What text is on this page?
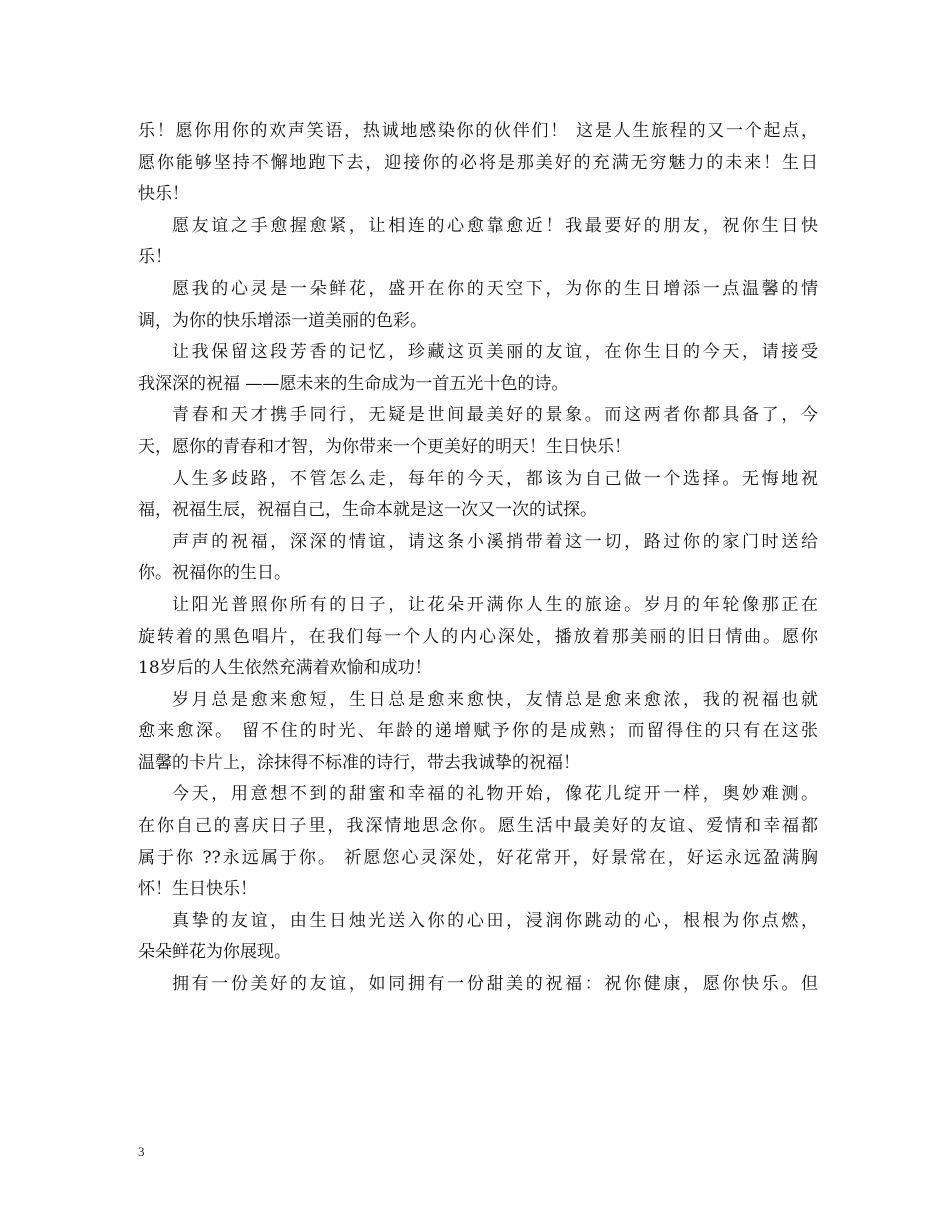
乐！愿你用你的欢声笑语，热诚地感染你的伙伴们！ 这是人生旅程的又一个起点，
愿你能够坚持不懈地跑下去，迎接你的必将是那美好的充满无穷魅力的未来！生日
快乐！
愿友谊之手愈握愈紧，让相连的心愈靠愈近！我最要好的朋友，祝你生日快
乐！
愿我的心灵是一朵鲜花，盛开在你的天空下，为你的生日增添一点温馨的情
调，为你的快乐增添一道美丽的色彩。
让我保留这段芳香的记忆，珍藏这页美丽的友谊，在你生日的今天，请接受
我深深的祝福 ——愿未来的生命成为一首五光十色的诗。
青春和天才携手同行，无疑是世间最美好的景象。而这两者你都具备了，今
天，愿你的青春和才智，为你带来一个更美好的明天！生日快乐！
人生多歧路，不管怎么走，每年的今天，都该为自己做一个选择。无悔地祝
福，祝福生辰，祝福自己，生命本就是这一次又一次的试探。
声声的祝福，深深的情谊，请这条小溪捎带着这一切，路过你的家门时送给
你。祝福你的生日。
让阳光普照你所有的日子，让花朵开满你人生的旅途。岁月的年轮像那正在
旋转着的黑色唱片，在我们每一个人的内心深处，播放着那美丽的旧日情曲。愿你
18岁后的人生依然充满着欢愉和成功！
岁月总是愈来愈短，生日总是愈来愈快，友情总是愈来愈浓，我的祝福也就
愈来愈深。 留不住的时光、年龄的递增赋予你的是成熟；而留得住的只有在这张
温馨的卡片上，涂抹得不标准的诗行，带去我诚挚的祝福！
今天，用意想不到的甜蜜和幸福的礼物开始，像花儿绽开一样，奥妙难测。
在你自己的喜庆日子里，我深情地思念你。愿生活中最美好的友谊、爱情和幸福都
属于你 ??永远属于你。 祈愿您心灵深处，好花常开，好景常在，好运永远盈满胸
怀！生日快乐！
真挚的友谊，由生日烛光送入你的心田，浸润你跳动的心，根根为你点燃，
朵朵鲜花为你展现。
拥有一份美好的友谊，如同拥有一份甜美的祝福：祝你健康，愿你快乐。但
3
